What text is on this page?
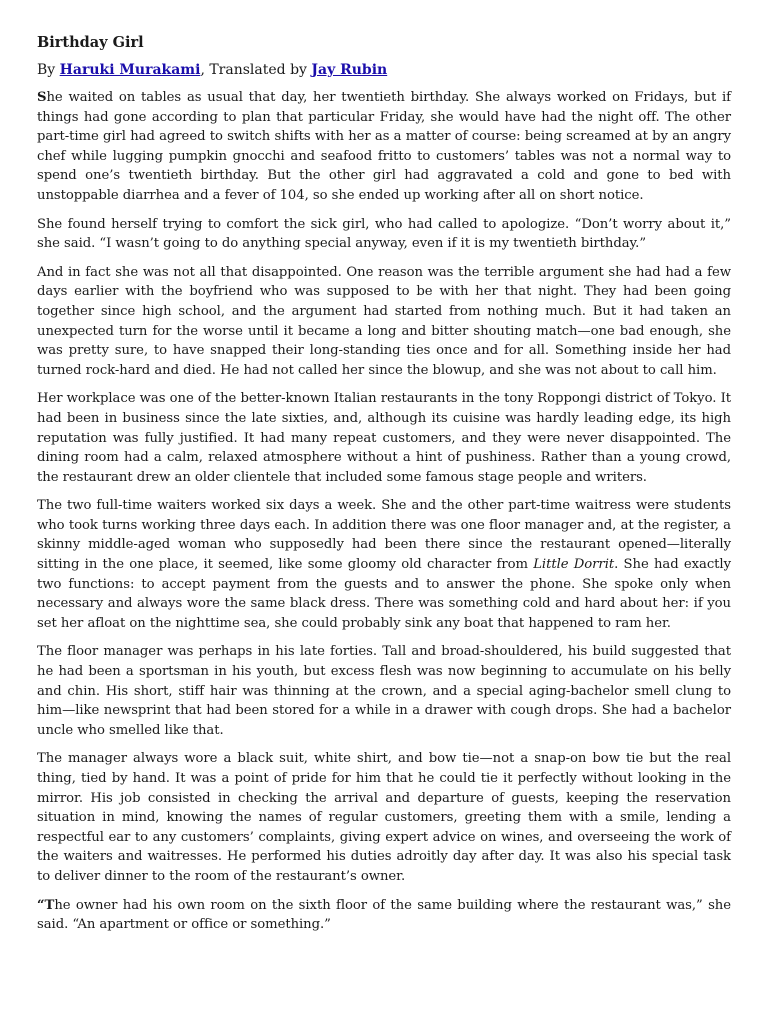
Birthday Girl

By Haruki Murakami, Translated by Jay Rubin

She waited on tables as usual that day, her twentieth birthday. She always worked on Fridays, but if things had gone according to plan that particular Friday, she would have had the night off. The other part-time girl had agreed to switch shifts with her as a matter of course: being screamed at by an angry chef while lugging pumpkin gnocchi and seafood fritto to customers’ tables was not a normal way to spend one’s twentieth birthday. But the other girl had aggravated a cold and gone to bed with unstoppable diarrhea and a fever of 104, so she ended up working after all on short notice.

She found herself trying to comfort the sick girl, who had called to apologize. “Don’t worry about it,” she said. “I wasn’t going to do anything special anyway, even if it is my twentieth birthday.”

And in fact she was not all that disappointed. One reason was the terrible argument she had had a few days earlier with the boyfriend who was supposed to be with her that night. They had been going together since high school, and the argument had started from nothing much. But it had taken an unexpected turn for the worse until it became a long and bitter shouting match—one bad enough, she was pretty sure, to have snapped their long-standing ties once and for all. Something inside her had turned rock-hard and died. He had not called her since the blowup, and she was not about to call him.

Her workplace was one of the better-known Italian restaurants in the tony Roppongi district of Tokyo. It had been in business since the late sixties, and, although its cuisine was hardly leading edge, its high reputation was fully justified. It had many repeat customers, and they were never disappointed. The dining room had a calm, relaxed atmosphere without a hint of pushiness. Rather than a young crowd, the restaurant drew an older clientele that included some famous stage people and writers.

The two full-time waiters worked six days a week. She and the other part-time waitress were students who took turns working three days each. In addition there was one floor manager and, at the register, a skinny middle-aged woman who supposedly had been there since the restaurant opened—literally sitting in the one place, it seemed, like some gloomy old character from Little Dorrit. She had exactly two functions: to accept payment from the guests and to answer the phone. She spoke only when necessary and always wore the same black dress. There was something cold and hard about her: if you set her afloat on the nighttime sea, she could probably sink any boat that happened to ram her.

The floor manager was perhaps in his late forties. Tall and broad-shouldered, his build suggested that he had been a sportsman in his youth, but excess flesh was now beginning to accumulate on his belly and chin. His short, stiff hair was thinning at the crown, and a special aging-bachelor smell clung to him—like newsprint that had been stored for a while in a drawer with cough drops. She had a bachelor uncle who smelled like that.

The manager always wore a black suit, white shirt, and bow tie—not a snap-on bow tie but the real thing, tied by hand. It was a point of pride for him that he could tie it perfectly without looking in the mirror. His job consisted in checking the arrival and departure of guests, keeping the reservation situation in mind, knowing the names of regular customers, greeting them with a smile, lending a respectful ear to any customers’ complaints, giving expert advice on wines, and overseeing the work of the waiters and waitresses. He performed his duties adroitly day after day. It was also his special task to deliver dinner to the room of the restaurant’s owner.

“The owner had his own room on the sixth floor of the same building where the restaurant was,” she said. “An apartment or office or something.”
